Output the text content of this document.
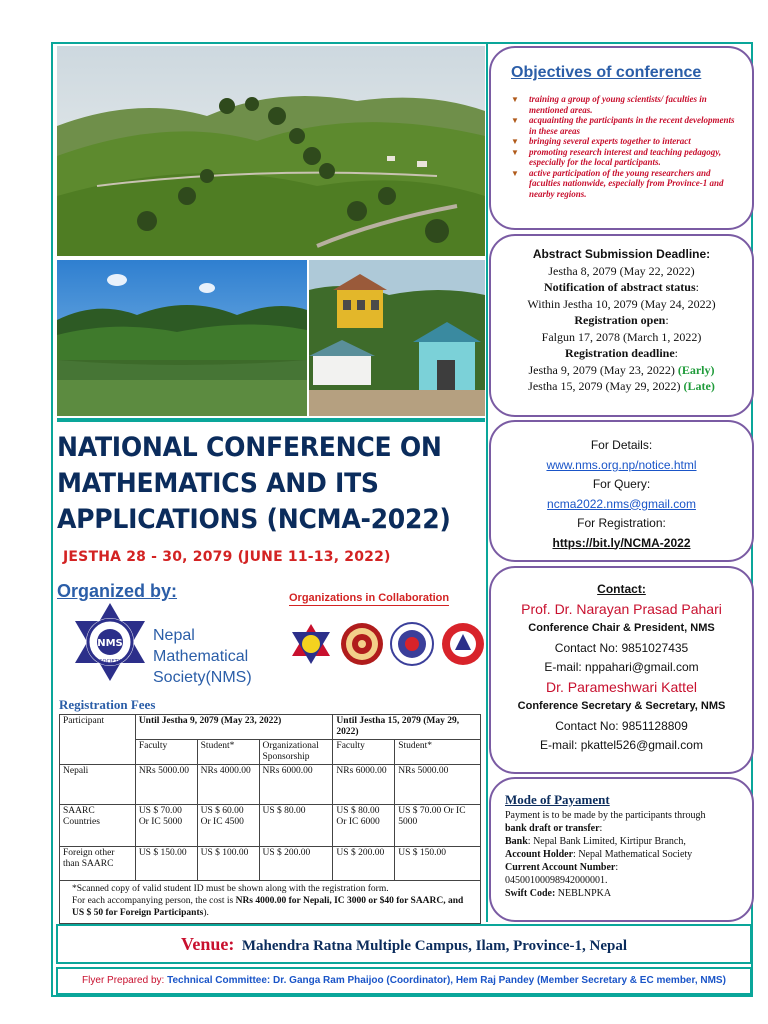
NATIONAL CONFERENCE ON
MATHEMATICS AND ITS
APPLICATIONS (NCMA-2022)
JESTHA 28 - 30, 2079 (JUNE 11-13, 2022)
Organized by:	Organizations in Collaboration
NMS
SOCIETY
Nepal
Mathematical
Society(NMS)
Registration Fees
Participant	Until Jestha 9, 2079 (May 23, 2022)			Until Jestha 15, 2079 (May 29, 2022)	
	Faculty	Student*	Organizational Sponsorship	Faculty	Student*
Nepali	NRs 5000.00	NRs 4000.00	NRs 6000.00	NRs 6000.00	NRs 5000.00
SAARC Countries	US $ 70.00 Or IC 5000	US $ 60.00 Or IC 4500	US $ 80.00	US $ 80.00 Or IC 6000	US $ 70.00 Or IC 5000
Foreign other than SAARC	US $ 150.00	US $ 100.00	US $ 200.00	US $ 200.00	US $ 150.00

*Scanned copy of valid student ID must be shown along with the registration form.
For each accompanying person, the cost is NRs 4000.00 for Nepali, IC 3000 or $40 for SAARC, and US $ 50 for Foreign Participants).					
Objectives of conference
▼ training a group of young scientists/ faculties in mentioned areas.
▼ acquainting the participants in the recent developments in these areas
▼ bringing several experts together to interact
▼ promoting research interest and teaching pedagogy, especially for the local participants.
▼ active participation of the young researchers and faculties nationwide, especially from Province-1 and nearby regions.
Abstract Submission Deadline:
Jestha 8, 2079 (May 22, 2022)
Notification of abstract status:
Within Jestha 10, 2079 (May 24, 2022)
Registration open:
Falgun 17, 2078 (March 1, 2022)
Registration deadline:
Jestha 9, 2079 (May 23, 2022) (Early)
Jestha 15, 2079 (May 29, 2022) (Late)
For Details:
www.nms.org.np/notice.html
For Query:
ncma2022.nms@gmail.com
For Registration:
https://bit.ly/NCMA-2022
Contact:
Prof. Dr. Narayan Prasad Pahari
Conference Chair & President, NMS
Contact No: 9851027435
E-mail: nppahari@gmail.com
Dr. Parameshwari Kattel
Conference Secretary & Secretary, NMS
Contact No: 9851128809
E-mail: pkattel526@gmail.com
Mode of Payament
Payment is to be made by the participants through
bank draft or transfer:
Bank: Nepal Bank Limited, Kirtipur Branch,
Account Holder: Nepal Mathematical Society
Current Account Number:
04500100098942000001.
Swift Code: NEBLNPKA
Venue: Mahendra Ratna Multiple Campus, Ilam, Province-1, Nepal
Flyer Prepared by: Technical Committee: Dr. Ganga Ram Phaijoo (Coordinator), Hem Raj Pandey (Member Secretary & EC member, NMS)
